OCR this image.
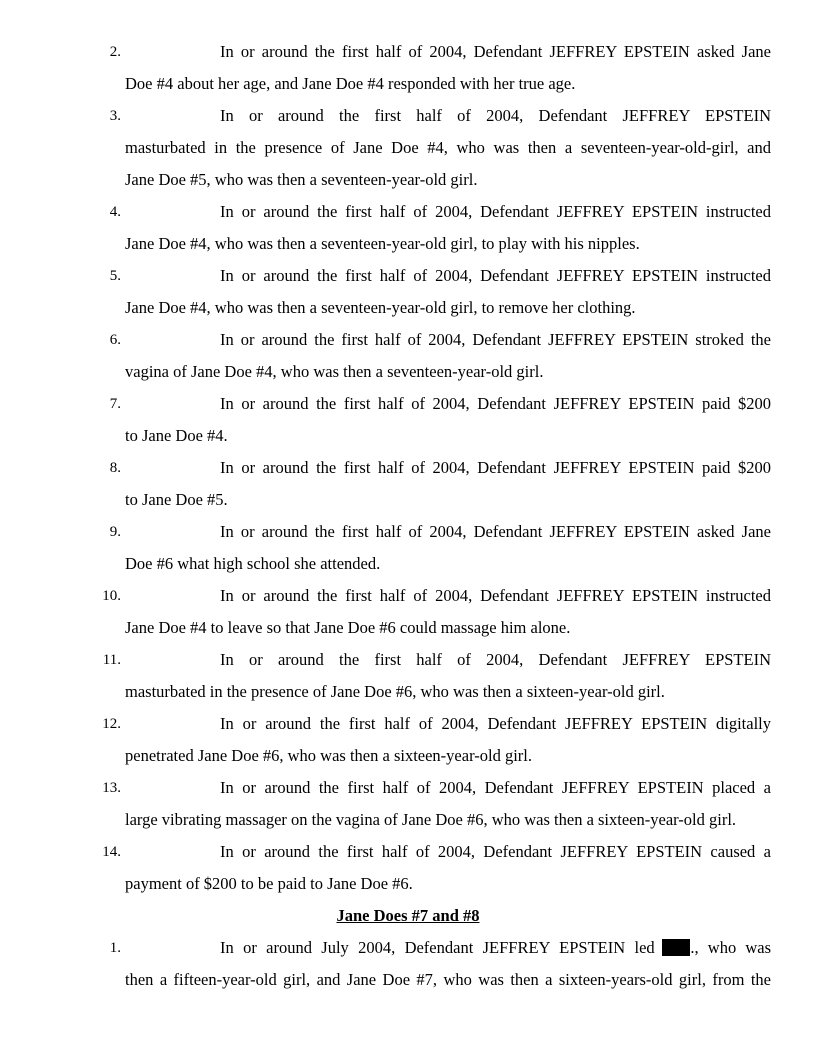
2.	In or around the first half of 2004, Defendant JEFFREY EPSTEIN asked Jane
Doe #4 about her age, and Jane Doe #4 responded with her true age.
3.	In or around the first half of 2004, Defendant JEFFREY EPSTEIN
masturbated in the presence of Jane Doe #4, who was then a seventeen-year-old-girl, and
Jane Doe #5, who was then a seventeen-year-old girl.
4.	In or around the first half of 2004, Defendant JEFFREY EPSTEIN instructed
Jane Doe #4, who was then a seventeen-year-old girl, to play with his nipples.
5.	In or around the first half of 2004, Defendant JEFFREY EPSTEIN instructed
Jane Doe #4, who was then a seventeen-year-old girl, to remove her clothing.
6.	In or around the first half of 2004, Defendant JEFFREY EPSTEIN stroked the
vagina of Jane Doe #4, who was then a seventeen-year-old girl.
7.	In or around the first half of 2004, Defendant JEFFREY EPSTEIN paid $200
to Jane Doe #4.
8.	In or around the first half of 2004, Defendant JEFFREY EPSTEIN paid $200
to Jane Doe #5.
9.	In or around the first half of 2004, Defendant JEFFREY EPSTEIN asked Jane
Doe #6 what high school she attended.
10.	In or around the first half of 2004, Defendant JEFFREY EPSTEIN instructed
Jane Doe #4 to leave so that Jane Doe #6 could massage him alone.
11.	In or around the first half of 2004, Defendant JEFFREY EPSTEIN
masturbated in the presence of Jane Doe #6, who was then a sixteen-year-old girl.
12.	In or around the first half of 2004, Defendant JEFFREY EPSTEIN digitally
penetrated Jane Doe #6, who was then a sixteen-year-old girl.
13.	In or around the first half of 2004, Defendant JEFFREY EPSTEIN placed a
large vibrating massager on the vagina of Jane Doe #6, who was then a sixteen-year-old girl.
14.	In or around the first half of 2004, Defendant JEFFREY EPSTEIN caused a
payment of $200 to be paid to Jane Doe #6.
Jane Does #7 and #8
1.	In or around July 2004, Defendant JEFFREY EPSTEIN led	., who was
then a fifteen-year-old girl, and Jane Doe #7, who was then a sixteen-years-old girl, from the
